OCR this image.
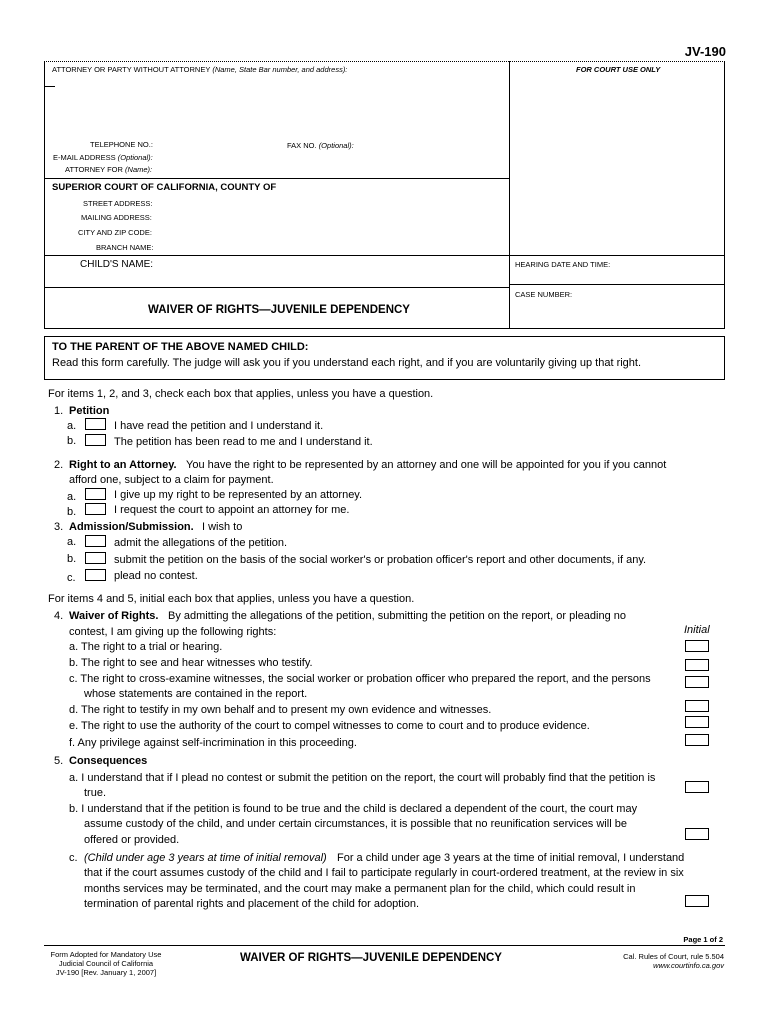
JV-190
ATTORNEY OR PARTY WITHOUT ATTORNEY (Name, State Bar number, and address):	FOR COURT USE ONLY
TELEPHONE NO.:	FAX NO. (Optional):
E-MAIL ADDRESS (Optional):
ATTORNEY FOR (Name):
SUPERIOR COURT OF CALIFORNIA, COUNTY OF
STREET ADDRESS:
MAILING ADDRESS:
CITY AND ZIP CODE:
BRANCH NAME:
CHILD'S NAME:	HEARING DATE AND TIME:
CASE NUMBER:
WAIVER OF RIGHTS—JUVENILE DEPENDENCY
TO THE PARENT OF THE ABOVE NAMED CHILD:
Read this form carefully. The judge will ask you if you understand each right, and if you are voluntarily giving up that right.
For items 1, 2, and 3, check each box that applies, unless you have a question.
1. Petition
a.	I have read the petition and I understand it.
b.	The petition has been read to me and I understand it.
2. Right to an Attorney. You have the right to be represented by an attorney and one will be appointed for you if you cannot
afford one, subject to a claim for payment.
a.	I give up my right to be represented by an attorney.
b.	I request the court to appoint an attorney for me.
3. Admission/Submission. I wish to
a.	admit the allegations of the petition.
b.	submit the petition on the basis of the social worker's or probation officer's report and other documents, if any.
c.	plead no contest.
For items 4 and 5, initial each box that applies, unless you have a question.
4. Waiver of Rights. By admitting the allegations of the petition, submitting the petition on the report, or pleading no
contest, I am giving up the following rights:	Initial
a. The right to a trial or hearing.
b. The right to see and hear witnesses who testify.
c. The right to cross-examine witnesses, the social worker or probation officer who prepared the report, and the persons
whose statements are contained in the report.
d. The right to testify in my own behalf and to present my own evidence and witnesses.
e. The right to use the authority of the court to compel witnesses to come to court and to produce evidence.
f. Any privilege against self-incrimination in this proceeding.
5. Consequences
a. I understand that if I plead no contest or submit the petition on the report, the court will probably find that the petition is
true.
b. I understand that if the petition is found to be true and the child is declared a dependent of the court, the court may
assume custody of the child, and under certain circumstances, it is possible that no reunification services will be
offered or provided.
c. (Child under age 3 years at time of initial removal) For a child under age 3 years at the time of initial removal, I understand
that if the court assumes custody of the child and I fail to participate regularly in court-ordered treatment, at the review in six
months services may be terminated, and the court may make a permanent plan for the child, which could result in
termination of parental rights and placement of the child for adoption.
Page 1 of 2
Form Adopted for Mandatory Use
Judicial Council of California
JV-190 [Rev. January 1, 2007]
WAIVER OF RIGHTS—JUVENILE DEPENDENCY	Cal. Rules of Court, rule 5.504
www.courtinfo.ca.gov
